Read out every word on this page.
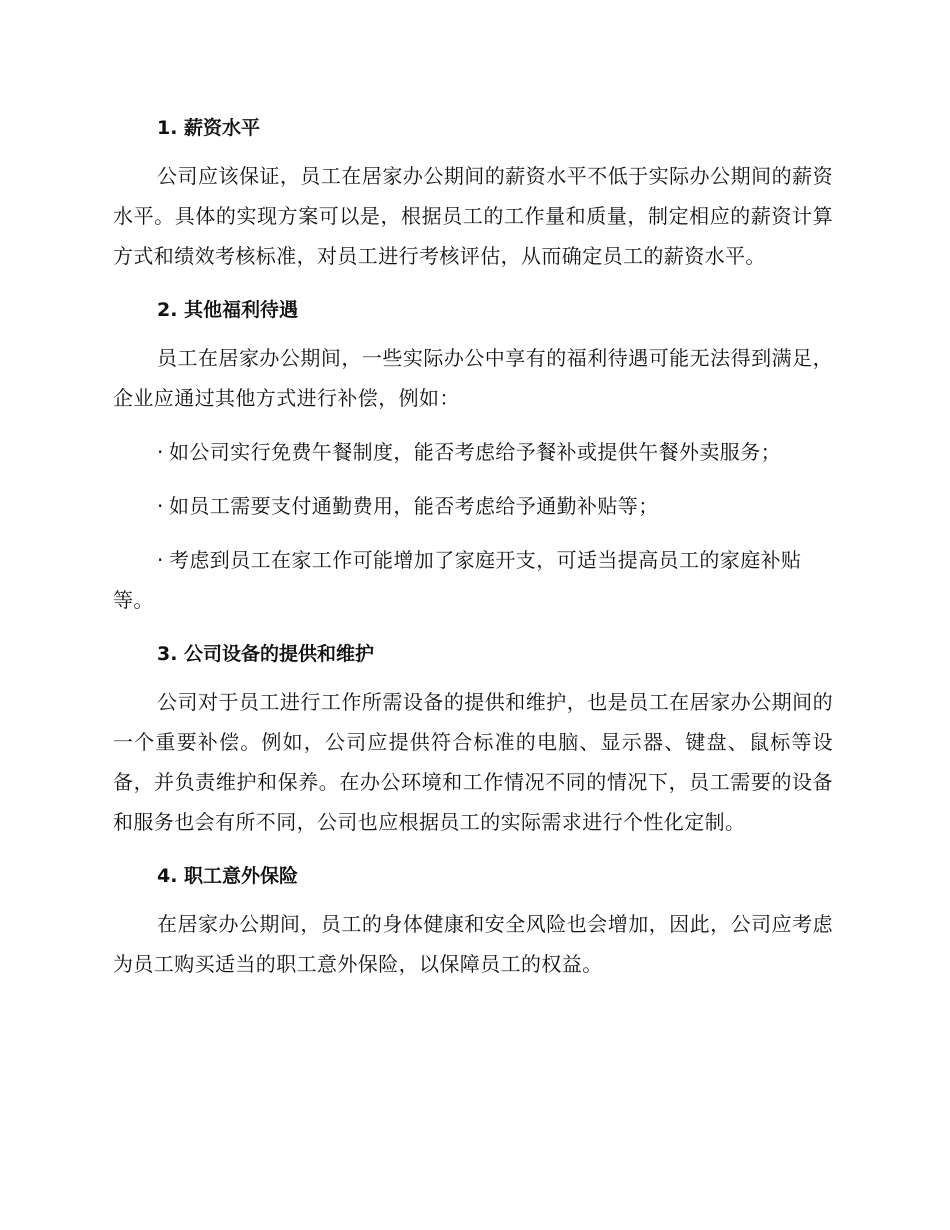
1. 薪资水平

公司应该保证，员工在居家办公期间的薪资水平不低于实际办公期间的薪资水平。具体的实现方案可以是，根据员工的工作量和质量，制定相应的薪资计算方式和绩效考核标准，对员工进行考核评估，从而确定员工的薪资水平。

2. 其他福利待遇

员工在居家办公期间，一些实际办公中享有的福利待遇可能无法得到满足，企业应通过其他方式进行补偿，例如：

· 如公司实行免费午餐制度，能否考虑给予餐补或提供午餐外卖服务；

· 如员工需要支付通勤费用，能否考虑给予通勤补贴等；

· 考虑到员工在家工作可能增加了家庭开支，可适当提高员工的家庭补贴等。

3. 公司设备的提供和维护

公司对于员工进行工作所需设备的提供和维护，也是员工在居家办公期间的一个重要补偿。例如，公司应提供符合标准的电脑、显示器、键盘、鼠标等设备，并负责维护和保养。在办公环境和工作情况不同的情况下，员工需要的设备和服务也会有所不同，公司也应根据员工的实际需求进行个性化定制。

4. 职工意外保险

在居家办公期间，员工的身体健康和安全风险也会增加，因此，公司应考虑为员工购买适当的职工意外保险，以保障员工的权益。
